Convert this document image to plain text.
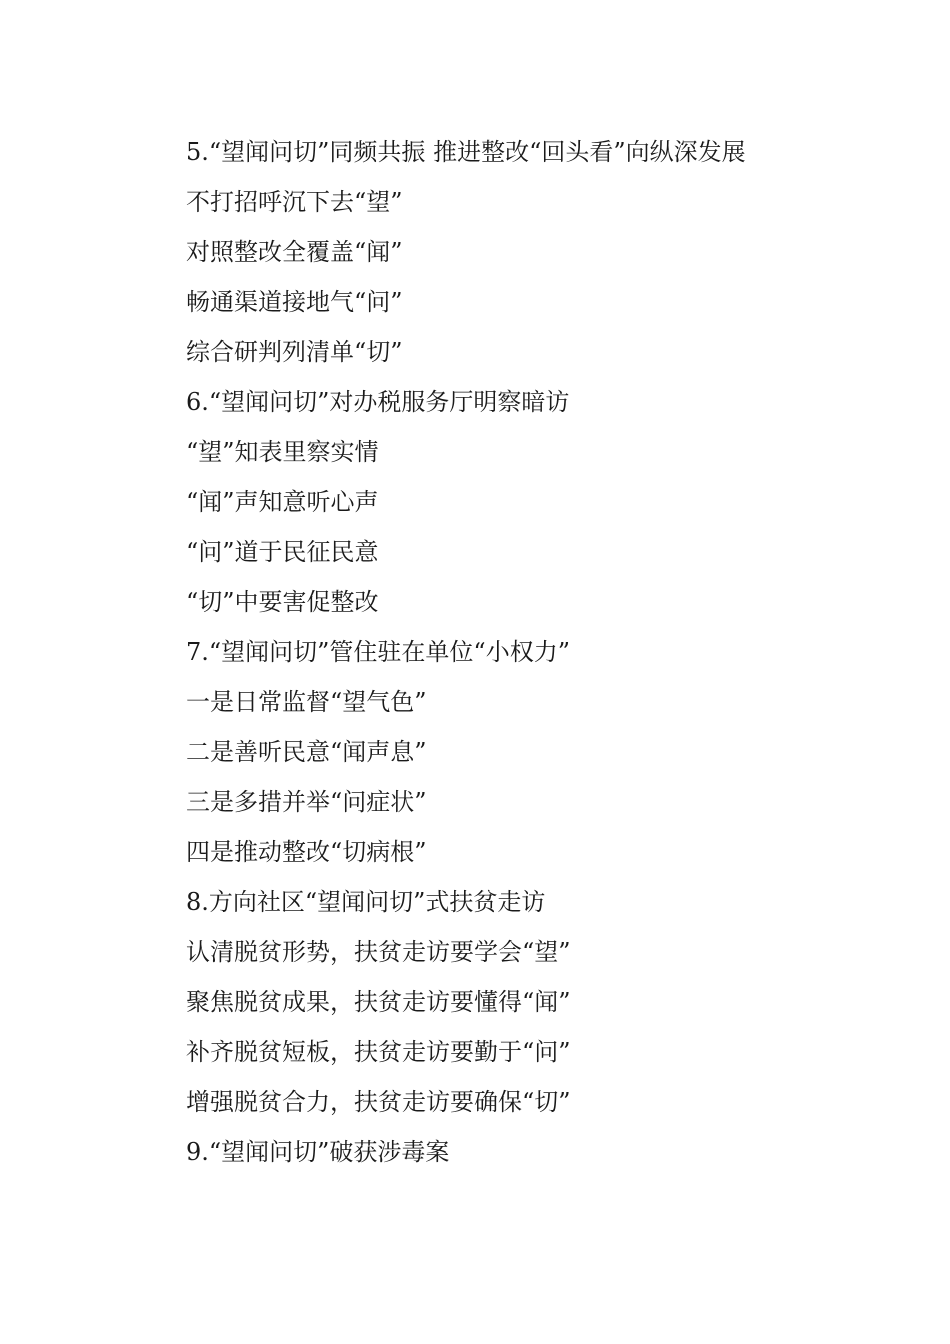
5.“望闻问切”同频共振 推进整改“回头看”向纵深发展

不打招呼沉下去“望”

对照整改全覆盖“闻”

畅通渠道接地气“问”

综合研判列清单“切”

6.“望闻问切”对办税服务厅明察暗访

“望”知表里察实情

“闻”声知意听心声

“问”道于民征民意

“切”中要害促整改

7.“望闻问切”管住驻在单位“小权力”

一是日常监督“望气色”

二是善听民意“闻声息”

三是多措并举“问症状”

四是推动整改“切病根”

8.方向社区“望闻问切”式扶贫走访

认清脱贫形势，扶贫走访要学会“望”

聚焦脱贫成果，扶贫走访要懂得“闻”

补齐脱贫短板，扶贫走访要勤于“问”

增强脱贫合力，扶贫走访要确保“切”

9.“望闻问切”破获涉毒案
